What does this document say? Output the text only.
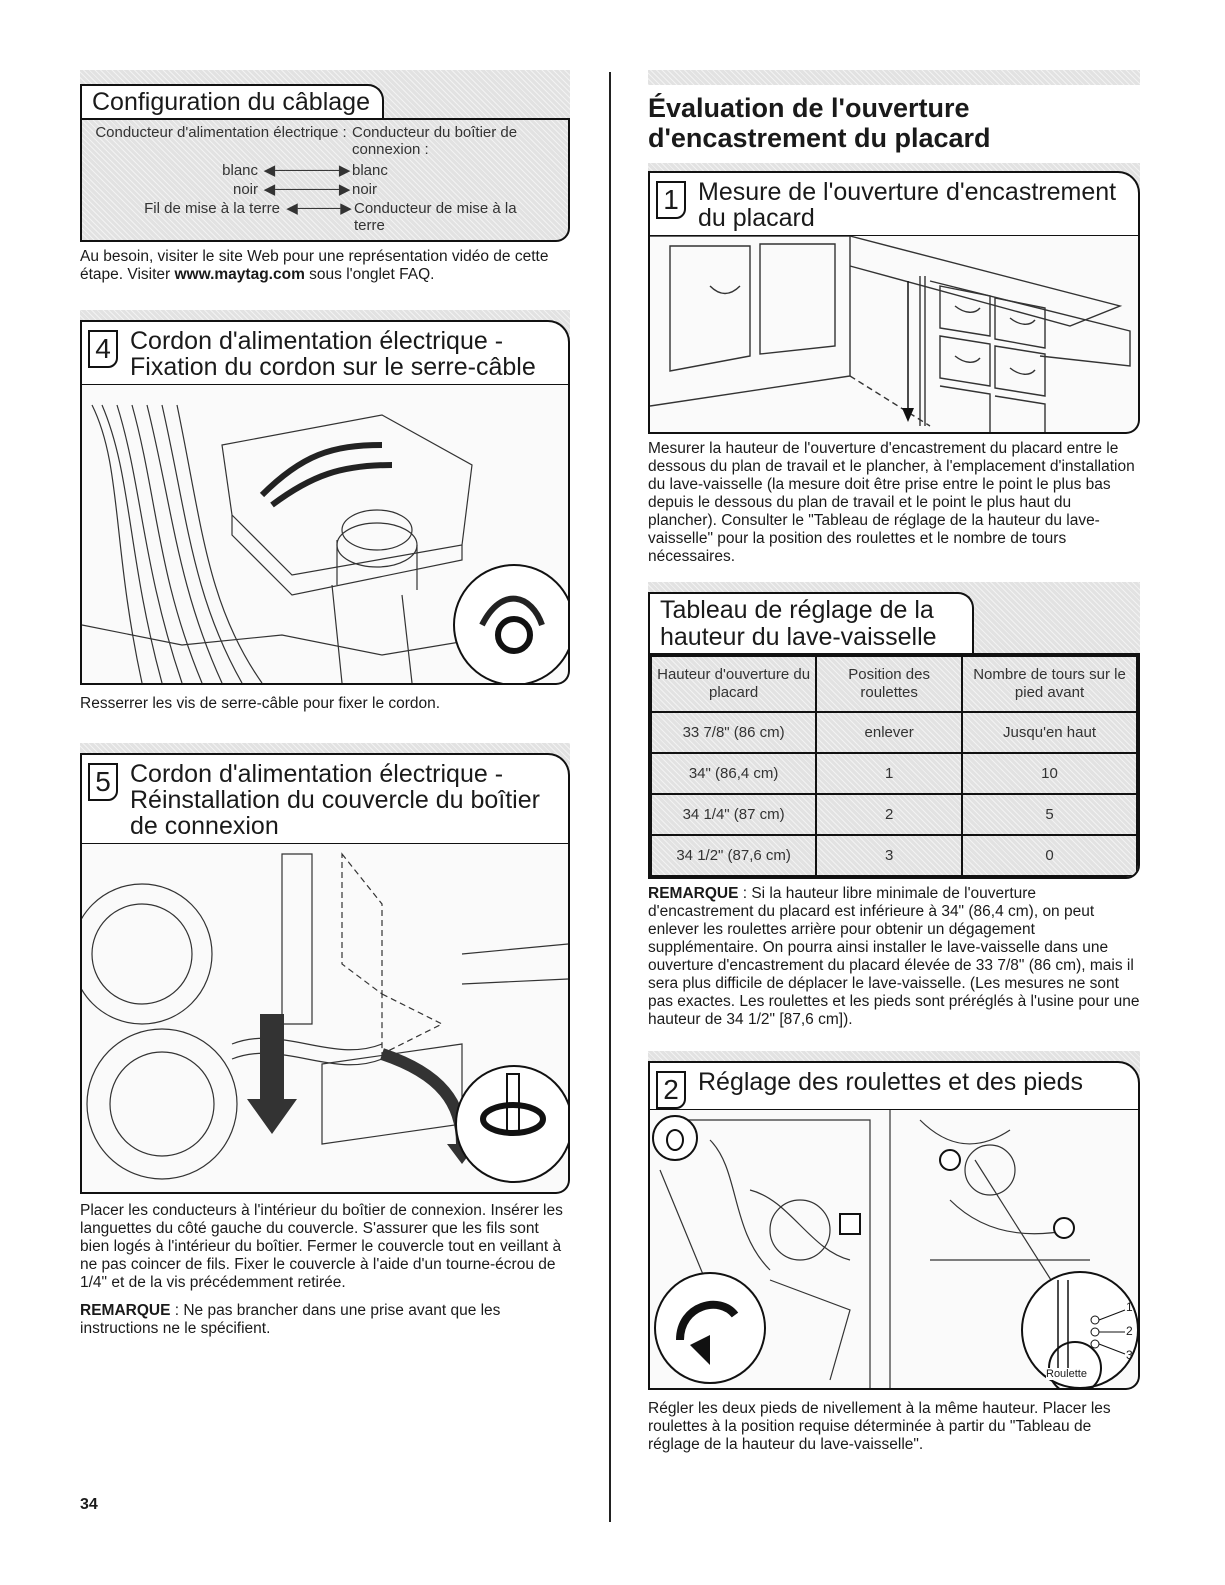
Configuration du câblage
Conducteur d'alimentation électrique : Conducteur du boîtier de connexion :
blanc ◀──────▶ blanc
noir ◀──────▶ noir
Fil de mise à la terre ◀────▶ Conducteur de mise à la terre

Au besoin, visiter le site Web pour une représentation vidéo de cette étape. Visiter www.maytag.com sous l'onglet FAQ.

4 Cordon d'alimentation électrique - Fixation du cordon sur le serre-câble

Resserrer les vis de serre-câble pour fixer le cordon.

5 Cordon d'alimentation électrique - Réinstallation du couvercle du boîtier de connexion

Placer les conducteurs à l'intérieur du boîtier de connexion. Insérer les languettes du côté gauche du couvercle. S'assurer que les fils sont bien logés à l'intérieur du boîtier. Fermer le couvercle tout en veillant à ne pas coincer de fils. Fixer le couvercle à l'aide d'un tourne-écrou de 1/4" et de la vis précédemment retirée.

REMARQUE : Ne pas brancher dans une prise avant que les instructions ne le spécifient.

34
Évaluation de l'ouverture d'encastrement du placard
1 Mesure de l'ouverture d'encastrement du placard

Mesurer la hauteur de l'ouverture d'encastrement du placard entre le dessous du plan de travail et le plancher, à l'emplacement d'installation du lave-vaisselle (la mesure doit être prise entre le point le plus bas depuis le dessous du plan de travail et le point le plus haut du plancher). Consulter le "Tableau de réglage de la hauteur du lave-vaisselle" pour la position des roulettes et le nombre de tours nécessaires.

Tableau de réglage de la hauteur du lave-vaisselle
Hauteur d'ouverture du placard	Position des roulettes	Nombre de tours sur le pied avant
33 7/8" (86 cm)	enlever	Jusqu'en haut
34" (86,4 cm)	1	10
34 1/4" (87 cm)	2	5
34 1/2" (87,6 cm)	3	0

REMARQUE : Si la hauteur libre minimale de l'ouverture d'encastrement du placard est inférieure à 34" (86,4 cm), on peut enlever les roulettes arrière pour obtenir un dégagement supplémentaire. On pourra ainsi installer le lave-vaisselle dans une ouverture d'encastrement du placard élevée de 33 7/8" (86 cm), mais il sera plus difficile de déplacer le lave-vaisselle. (Les mesures ne sont pas exactes. Les roulettes et les pieds sont préréglés à l'usine pour une hauteur de 34 1/2" [87,6 cm]).

2 Réglage des roulettes et des pieds
1
2
3
Roulette

Régler les deux pieds de nivellement à la même hauteur. Placer les roulettes à la position requise déterminée à partir du "Tableau de réglage de la hauteur du lave-vaisselle".
